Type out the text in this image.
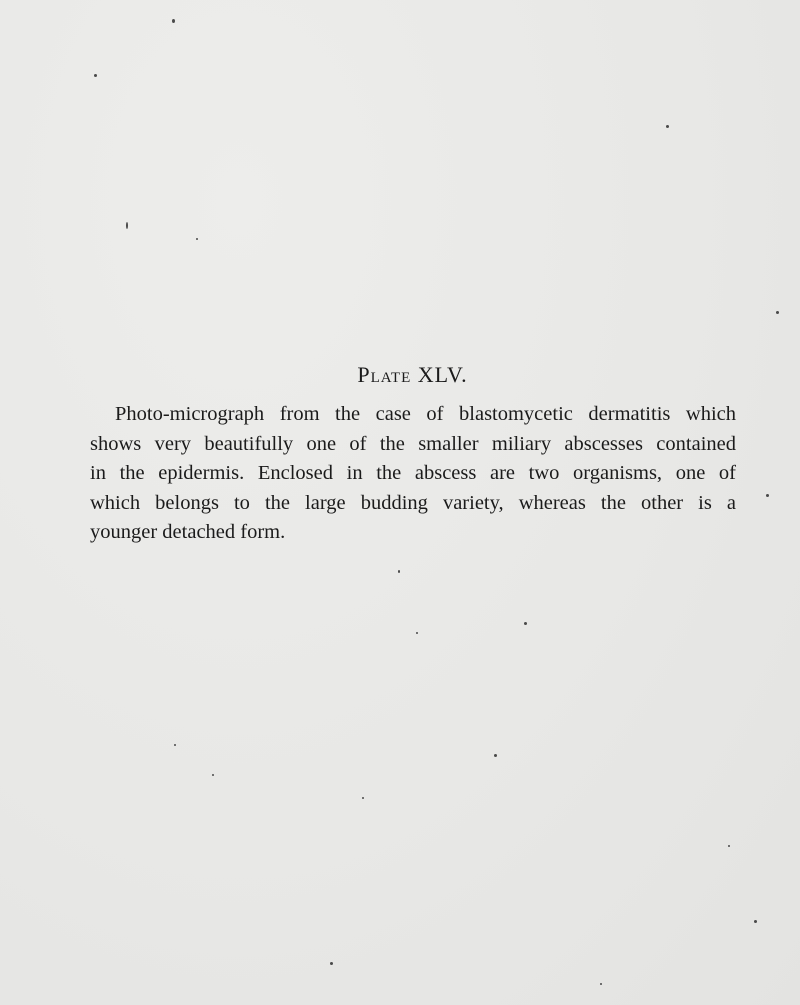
Plate XLV.
Photo-micrograph from the case of blastomycetic dermatitis which
shows very beautifully one of the smaller miliary abscesses contained
in the epidermis. Enclosed in the abscess are two organisms, one of
which belongs to the large budding variety, whereas the other is a
younger detached form.
